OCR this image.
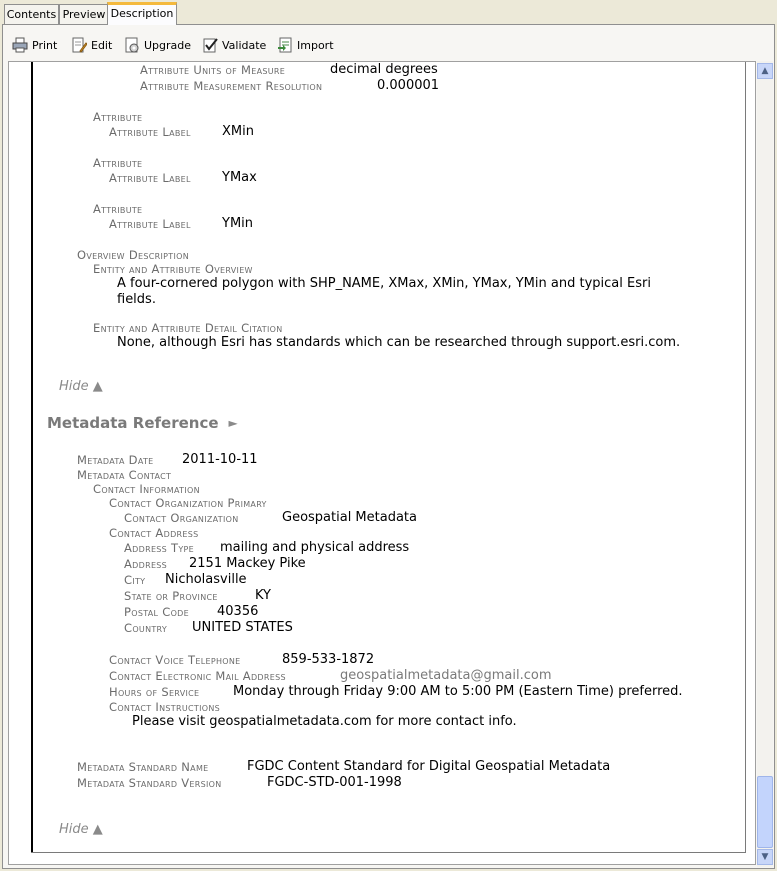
Contents Preview Description
Print	Edit	Upgrade	Validate	Import
Attribute Units of Measure	decimal degrees
Attribute Measurement Resolution	0.000001
Attribute
Attribute Label XMin
Attribute
Attribute Label YMax
Attribute
Attribute Label YMin
Overview Description
Entity and Attribute Overview
A four-cornered polygon with SHP_NAME, XMax, XMin, YMax, YMin and typical Esri
fields.
Entity and Attribute Detail Citation
None, although Esri has standards which can be researched through support.esri.com.
Hide ▲
Metadata Reference ►
Metadata Date 2011-10-11
Metadata Contact
Contact Information
Contact Organization Primary
Contact Organization	Geospatial Metadata
Contact Address
Address Type mailing and physical address
Address 2151 Mackey Pike
City Nicholasville
State or Province	KY
Postal Code 40356
Country UNITED STATES
Contact Voice Telephone	859-533-1872
Contact Electronic Mail Address	geospatialmetadata@gmail.com
Hours of Service	Monday through Friday 9:00 AM to 5:00 PM (Eastern Time) preferred.
Contact Instructions
Please visit geospatialmetadata.com for more contact info.
Metadata Standard Name	FGDC Content Standard for Digital Geospatial Metadata
Metadata Standard Version	FGDC-STD-001-1998
Hide ▲
▲
▼
